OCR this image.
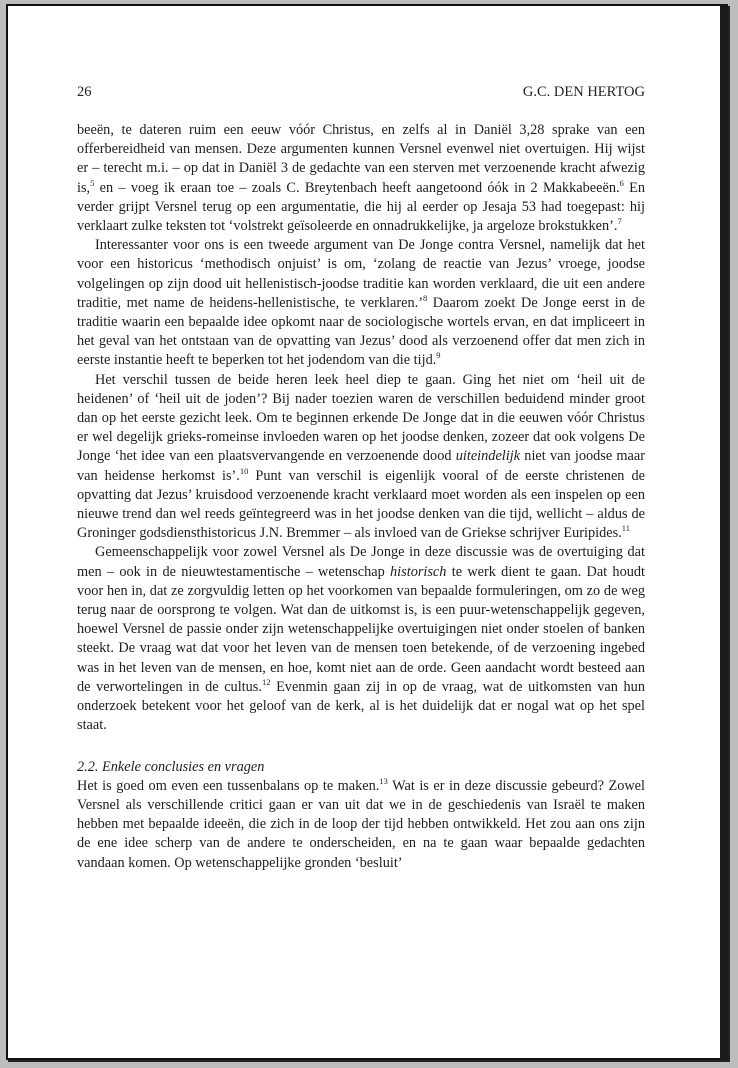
26	G.C. DEN HERTOG

beeën, te dateren ruim een eeuw vóór Christus, en zelfs al in Daniël 3,28 sprake van een offerbereidheid van mensen. Deze argumenten kunnen Versnel evenwel niet overtuigen. Hij wijst er – terecht m.i. – op dat in Daniël 3 de gedachte van een sterven met verzoenende kracht afwezig is,$^5$ en – voeg ik eraan toe – zoals C. Breytenbach heeft aangetoond óók in 2 Makkabeeën.$^6$ En verder grijpt Versnel terug op een argumentatie, die hij al eerder op Jesaja 53 had toegepast: hij verklaart zulke teksten tot ‘volstrekt geïsoleerde en onnadrukkelijke, ja argeloze brokstukken’.$^7$

Interessanter voor ons is een tweede argument van De Jonge contra Versnel, namelijk dat het voor een historicus ‘methodisch onjuist’ is om, ‘zolang de reactie van Jezus’ vroege, joodse volgelingen op zijn dood uit hellenistisch-joodse traditie kan worden verklaard, die uit een andere traditie, met name de heidens-hellenistische, te verklaren.’$^8$ Daarom zoekt De Jonge eerst in de traditie waarin een bepaalde idee opkomt naar de sociologische wortels ervan, en dat impliceert in het geval van het ontstaan van de opvatting van Jezus’ dood als verzoenend offer dat men zich in eerste instantie heeft te beperken tot het jodendom van die tijd.$^9$

Het verschil tussen de beide heren leek heel diep te gaan. Ging het niet om ‘heil uit de heidenen’ of ‘heil uit de joden’? Bij nader toezien waren de verschillen beduidend minder groot dan op het eerste gezicht leek. Om te beginnen erkende De Jonge dat in die eeuwen vóór Christus er wel degelijk grieks-romeinse invloeden waren op het joodse denken, zozeer dat ook volgens De Jonge ‘het idee van een plaatsvervangende en verzoenende dood uiteindelijk niet van joodse maar van heidense herkomst is’.$^{10}$ Punt van verschil is eigenlijk vooral of de eerste christenen de opvatting dat Jezus’ kruisdood verzoenende kracht verklaard moet worden als een inspelen op een nieuwe trend dan wel reeds geïntegreerd was in het joodse denken van die tijd, wellicht – aldus de Groninger godsdiensthistoricus J.N. Bremmer – als invloed van de Griekse schrijver Euripides.$^{11}$

Gemeenschappelijk voor zowel Versnel als De Jonge in deze discussie was de overtuiging dat men – ook in de nieuwtestamentische – wetenschap historisch te werk dient te gaan. Dat houdt voor hen in, dat ze zorgvuldig letten op het voorkomen van bepaalde formuleringen, om zo de weg terug naar de oorsprong te volgen. Wat dan de uitkomst is, is een puur-wetenschappelijk gegeven, hoewel Versnel de passie onder zijn wetenschappelijke overtuigingen niet onder stoelen of banken steekt. De vraag wat dat voor het leven van de mensen toen betekende, of de verzoening ingebed was in het leven van de mensen, en hoe, komt niet aan de orde. Geen aandacht wordt besteed aan de verwortelingen in de cultus.$^{12}$ Evenmin gaan zij in op de vraag, wat de uitkomsten van hun onderzoek betekent voor het geloof van de kerk, al is het duidelijk dat er nogal wat op het spel staat.

2.2. Enkele conclusies en vragen

Het is goed om even een tussenbalans op te maken.$^{13}$ Wat is er in deze discussie gebeurd? Zowel Versnel als verschillende critici gaan er van uit dat we in de geschiedenis van Israël te maken hebben met bepaalde ideeën, die zich in de loop der tijd hebben ontwikkeld. Het zou aan ons zijn de ene idee scherp van de andere te onderscheiden, en na te gaan waar bepaalde gedachten vandaan komen. Op wetenschappelijke gronden ‘besluit’
